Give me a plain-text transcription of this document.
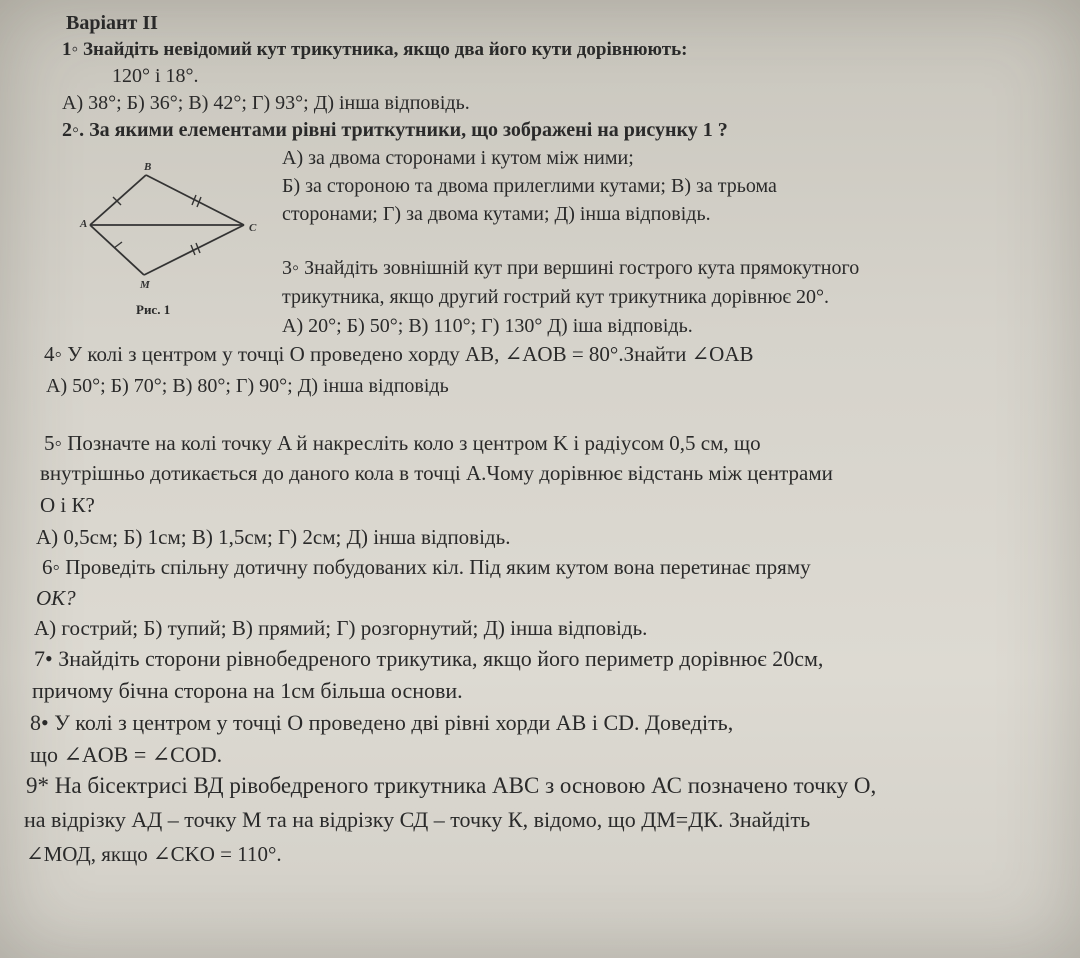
Варіант ІІ
1◦ Знайдіть невідомий кут трикутника, якщо два його кути дорівнюють:
120° і 18°.
А) 38°; Б) 36°; В) 42°; Г) 93°; Д) інша відповідь.
2◦. За якими елементами рівні триткутники, що зображені на рисунку 1 ?
А) за двома сторонами і кутом між ними;
Б) за стороною та двома прилеглими кутами; В) за трьома
сторонами; Г) за двома кутами; Д) інша відповідь.
B
A	C
M
Рис. 1
3◦ Знайдіть зовнішній кут при вершині гострого кута прямокутного
трикутника, якщо другий гострий кут трикутника дорівнює 20°.
А) 20°; Б) 50°; В) 110°; Г) 130° Д) іша відповідь.
4◦ У колі з центром у точці O проведено хорду AB, ∠AOB = 80°.Знайти ∠OAB
А) 50°; Б) 70°; В) 80°; Г) 90°; Д) інша відповідь
5◦ Позначте на колі точку A й накресліть коло з центром K і радіусом 0,5 см, що
внутрішньо дотикається до даного кола в точці A.Чому дорівнює відстань між центрами
О і К?
А) 0,5см; Б) 1см; В) 1,5см; Г) 2см; Д) інша відповідь.
6◦ Проведіть спільну дотичну побудованих кіл. Під яким кутом вона перетинає пряму
OK?
А) гострий; Б) тупий; В) прямий; Г) розгорнутий; Д) інша відповідь.
7• Знайдіть сторони рівнобедреного трикутика, якщо його периметр дорівнює 20см,
причому бічна сторона на 1см більша основи.
8• У колі з центром у точці O проведено дві рівні хорди AB і CD. Доведіть,
що ∠AOB = ∠COD.
9* На бісектрисі ВД рівобедреного трикутника АВС з основою АС позначено точку О,
на відрізку АД – точку М та на відрізку СД – точку К, відомо, що ДМ=ДК. Знайдіть
∠МОД, якщо ∠CKO = 110°.
